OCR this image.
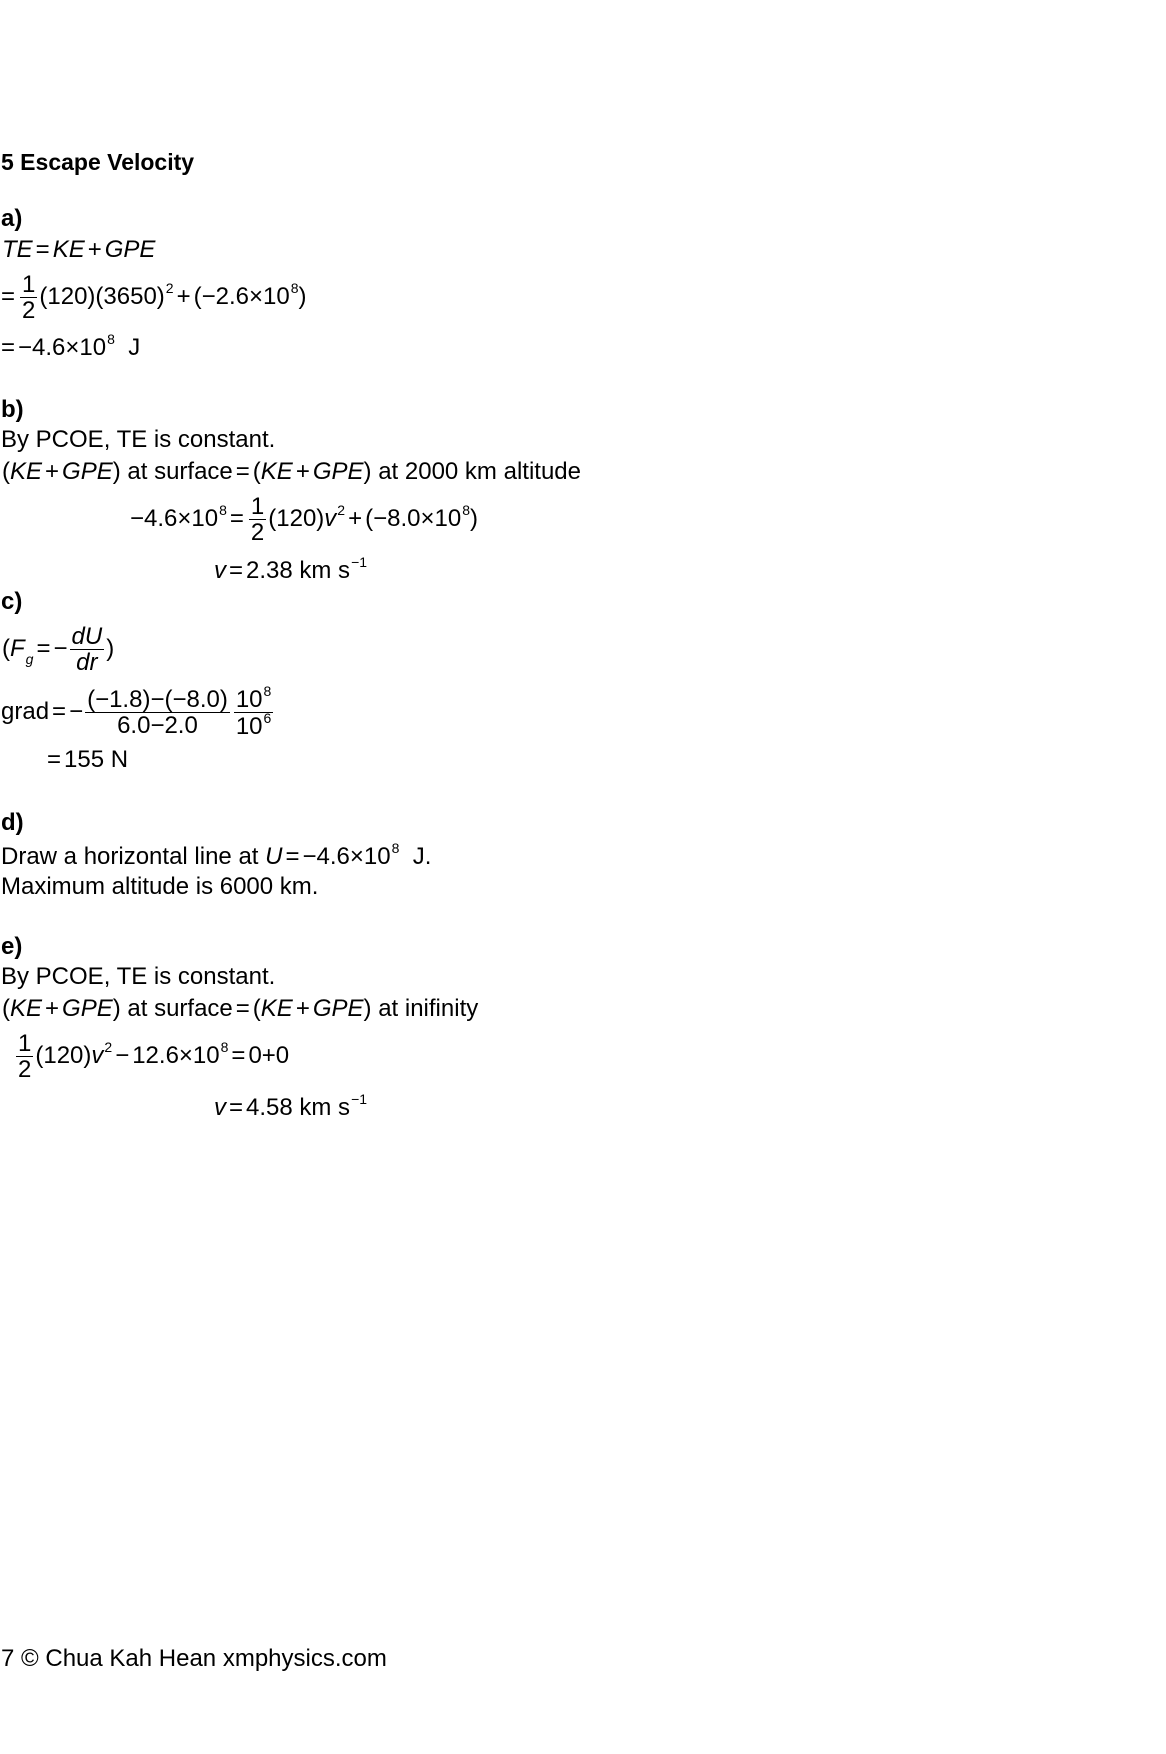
5 Escape Velocity
a)
TE = KE + GPE
= $\frac{1}{2} (120)(3650)^2 + (-2.6\times 10^8)$
= $-4.6\times 10^8$ J
b)
By PCOE, TE is constant.
(KE + GPE) at surface = (KE + GPE) at 2000 km altitude
$-4.6\times 10^8 = \frac{1}{2} (120)v^2 + (-8.0\times 10^8)$
v = 2.38 km $s^{-1}$
c)
($F_g$ = − $\frac{dU}{dr}$ )
grad = − $\frac{(-1.8)-(-8.0)}{6.0-2.0} \frac{10^8}{10^6}$
= 155 N
d)
Draw a horizontal line at $U = -4.6\times 10^8$ J.
Maximum altitude is 6000 km.
e)
By PCOE, TE is constant.
(KE + GPE) at surface = (KE + GPE) at inifinity
$\frac{1}{2} (120)v^2 - 12.6\times 10^8 = 0+0$
v = 4.58 km $s^{-1}$
7 © Chua Kah Hean xmphysics.com
